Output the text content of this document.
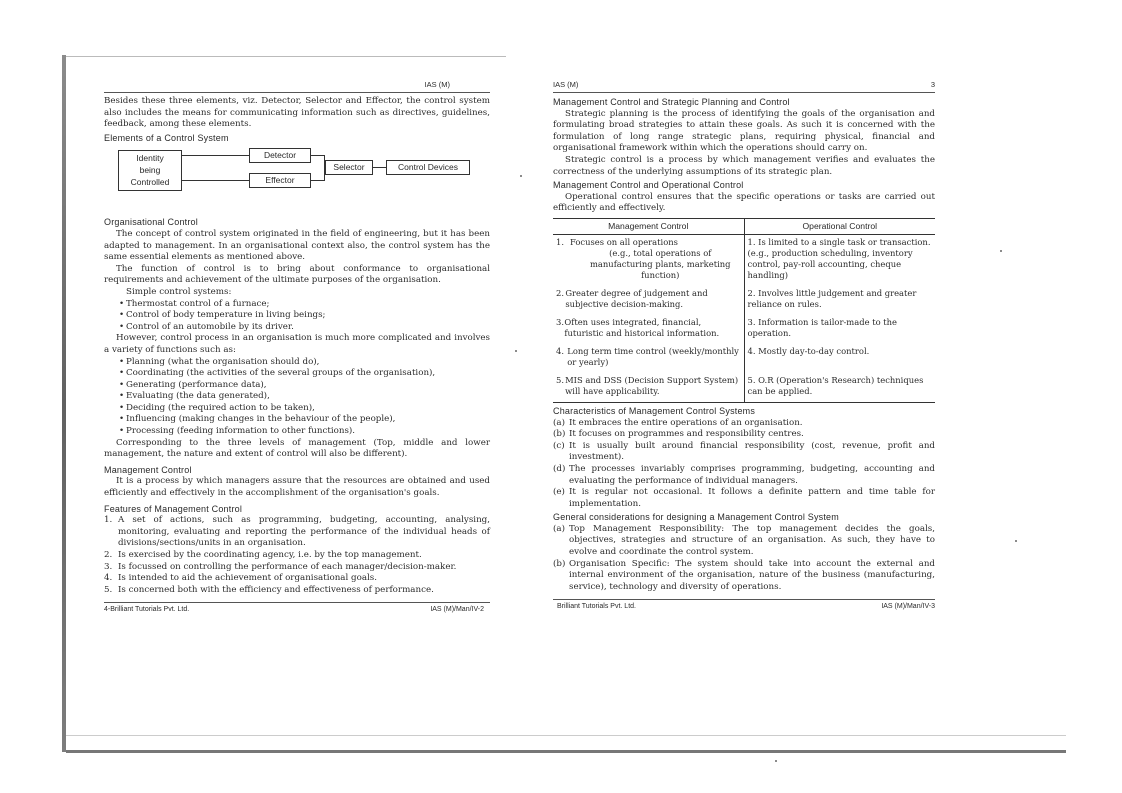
IAS (M)

Besides these three elements, viz. Detector, Selector and Effector, the control system also includes the means for communicating information such as directives, guidelines, feedback, among these elements.

Elements of a Control System

Identity
being
Controlled
Detector
Effector
Selector	Control Devices

Organisational Control

The concept of control system originated in the field of engineering, but it has been adapted to management. In an organisational context also, the control system has the same essential elements as mentioned above.

The function of control is to bring about conformance to organisational requirements and achievement of the ultimate purposes of the organisation.

Simple control systems:

• Thermostat control of a furnace;
• Control of body temperature in living beings;
• Control of an automobile by its driver.

However, control process in an organisation is much more complicated and involves a variety of functions such as:

• Planning (what the organisation should do),
• Coordinating (the activities of the several groups of the organisation),
• Generating (performance data),
• Evaluating (the data generated),
• Deciding (the required action to be taken),
• Influencing (making changes in the behaviour of the people),
• Processing (feeding information to other functions).

Corresponding to the three levels of management (Top, middle and lower management, the nature and extent of control will also be different).

Management Control

It is a process by which managers assure that the resources are obtained and used efficiently and effectively in the accomplishment of the organisation's goals.

Features of Management Control

1. A set of actions, such as programming, budgeting, accounting, analysing, monitoring, evaluating and reporting the performance of the individual heads of divisions/sections/units in an organisation.
2. Is exercised by the coordinating agency, i.e. by the top management.
3. Is focussed on controlling the performance of each manager/decision-maker.
4. Is intended to aid the achievement of organisational goals.
5. Is concerned both with the efficiency and effectiveness of performance.
4-Brilliant Tutorials Pvt. Ltd.	IAS (M)/Man/IV-2
IAS (M)	3

Management Control and Strategic Planning and Control

Strategic planning is the process of identifying the goals of the organisation and formulating broad strategies to attain these goals. As such it is concerned with the formulation of long range strategic plans, requiring physical, financial and organisational framework within which the operations should carry on.

Strategic control is a process by which management verifies and evaluates the correctness of the underlying assumptions of its strategic plan.

Management Control and Operational Control

Operational control ensures that the specific operations or tasks are carried out efficiently and effectively.

Management Control	Operational Control

1. Focuses on all operations
(e.g., total operations of manufacturing plants, marketing function)	1. Is limited to a single task or transaction. (e.g., production scheduling, inventory control, pay-roll accounting, cheque handling)

2. Greater degree of judgement and subjective decision-making.	2. Involves little judgement and greater reliance on rules.

3. Often uses integrated, financial, futuristic and historical information.	3. Information is tailor-made to the operation.

4. Long term time control (weekly/monthly or yearly)	4. Mostly day-to-day control.

5. MIS and DSS (Decision Support System) will have applicability.	5. O.R (Operation's Research) techniques can be applied.

Characteristics of Management Control Systems

(a) It embraces the entire operations of an organisation.
(b) It focuses on programmes and responsibility centres.
(c) It is usually built around financial responsibility (cost, revenue, profit and investment).
(d) The processes invariably comprises programming, budgeting, accounting and evaluating the performance of individual managers.
(e) It is regular not occasional. It follows a definite pattern and time table for implementation.

General considerations for designing a Management Control System

(a) Top Management Responsibility: The top management decides the goals, objectives, strategies and structure of an organisation. As such, they have to evolve and coordinate the control system.
(b) Organisation Specific: The system should take into account the external and internal environment of the organisation, nature of the business (manufacturing, service), technology and diversity of operations.
Brilliant Tutorials Pvt. Ltd.	IAS (M)/Man/IV-3
